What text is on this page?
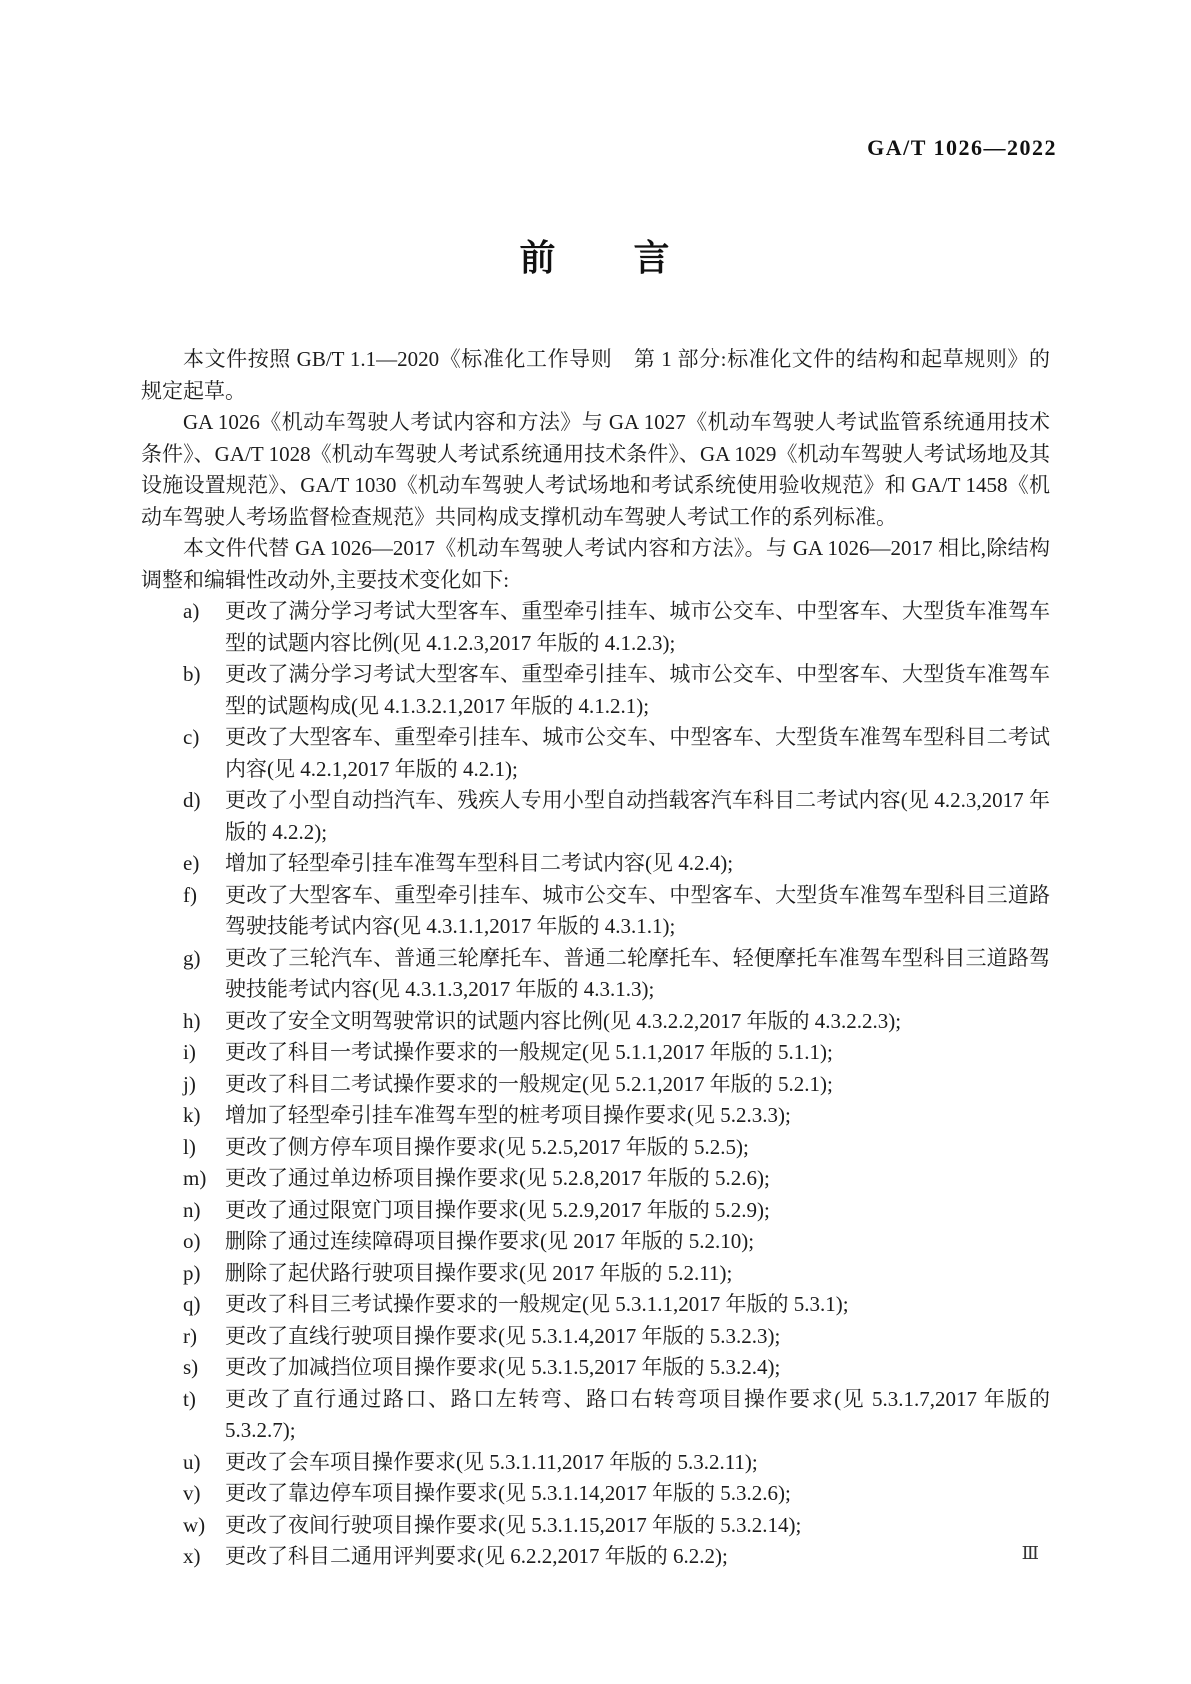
GA/T 1026—2022
前　　言

本文件按照 GB/T 1.1—2020《标准化工作导则　第 1 部分:标准化文件的结构和起草规则》的规定起草。

GA 1026《机动车驾驶人考试内容和方法》与 GA 1027《机动车驾驶人考试监管系统通用技术条件》、GA/T 1028《机动车驾驶人考试系统通用技术条件》、GA 1029《机动车驾驶人考试场地及其设施设置规范》、GA/T 1030《机动车驾驶人考试场地和考试系统使用验收规范》和 GA/T 1458《机动车驾驶人考场监督检查规范》共同构成支撑机动车驾驶人考试工作的系列标准。

本文件代替 GA 1026—2017《机动车驾驶人考试内容和方法》。与 GA 1026—2017 相比,除结构调整和编辑性改动外,主要技术变化如下:

a)	更改了满分学习考试大型客车、重型牵引挂车、城市公交车、中型客车、大型货车准驾车型的试题内容比例(见 4.1.2.3,2017 年版的 4.1.2.3);
b)	更改了满分学习考试大型客车、重型牵引挂车、城市公交车、中型客车、大型货车准驾车型的试题构成(见 4.1.3.2.1,2017 年版的 4.1.2.1);
c)	更改了大型客车、重型牵引挂车、城市公交车、中型客车、大型货车准驾车型科目二考试内容(见 4.2.1,2017 年版的 4.2.1);
d)	更改了小型自动挡汽车、残疾人专用小型自动挡载客汽车科目二考试内容(见 4.2.3,2017 年版的 4.2.2);
e)	增加了轻型牵引挂车准驾车型科目二考试内容(见 4.2.4);
f)	更改了大型客车、重型牵引挂车、城市公交车、中型客车、大型货车准驾车型科目三道路驾驶技能考试内容(见 4.3.1.1,2017 年版的 4.3.1.1);
g)	更改了三轮汽车、普通三轮摩托车、普通二轮摩托车、轻便摩托车准驾车型科目三道路驾驶技能考试内容(见 4.3.1.3,2017 年版的 4.3.1.3);
h)	更改了安全文明驾驶常识的试题内容比例(见 4.3.2.2,2017 年版的 4.3.2.2.3);
i)	更改了科目一考试操作要求的一般规定(见 5.1.1,2017 年版的 5.1.1);
j)	更改了科目二考试操作要求的一般规定(见 5.2.1,2017 年版的 5.2.1);
k)	增加了轻型牵引挂车准驾车型的桩考项目操作要求(见 5.2.3.3);
l)	更改了侧方停车项目操作要求(见 5.2.5,2017 年版的 5.2.5);
m) 更改了通过单边桥项目操作要求(见 5.2.8,2017 年版的 5.2.6);
n)	更改了通过限宽门项目操作要求(见 5.2.9,2017 年版的 5.2.9);
o)	删除了通过连续障碍项目操作要求(见 2017 年版的 5.2.10);
p)	删除了起伏路行驶项目操作要求(见 2017 年版的 5.2.11);
q)	更改了科目三考试操作要求的一般规定(见 5.3.1.1,2017 年版的 5.3.1);
r)	更改了直线行驶项目操作要求(见 5.3.1.4,2017 年版的 5.3.2.3);
s)	更改了加减挡位项目操作要求(见 5.3.1.5,2017 年版的 5.3.2.4);
t)	更改了直行通过路口、路口左转弯、路口右转弯项目操作要求(见 5.3.1.7,2017 年版的 5.3.2.7);
u)	更改了会车项目操作要求(见 5.3.1.11,2017 年版的 5.3.2.11);
v)	更改了靠边停车项目操作要求(见 5.3.1.14,2017 年版的 5.3.2.6);
w) 更改了夜间行驶项目操作要求(见 5.3.1.15,2017 年版的 5.3.2.14);
x)	更改了科目二通用评判要求(见 6.2.2,2017 年版的 6.2.2);	Ⅲ
